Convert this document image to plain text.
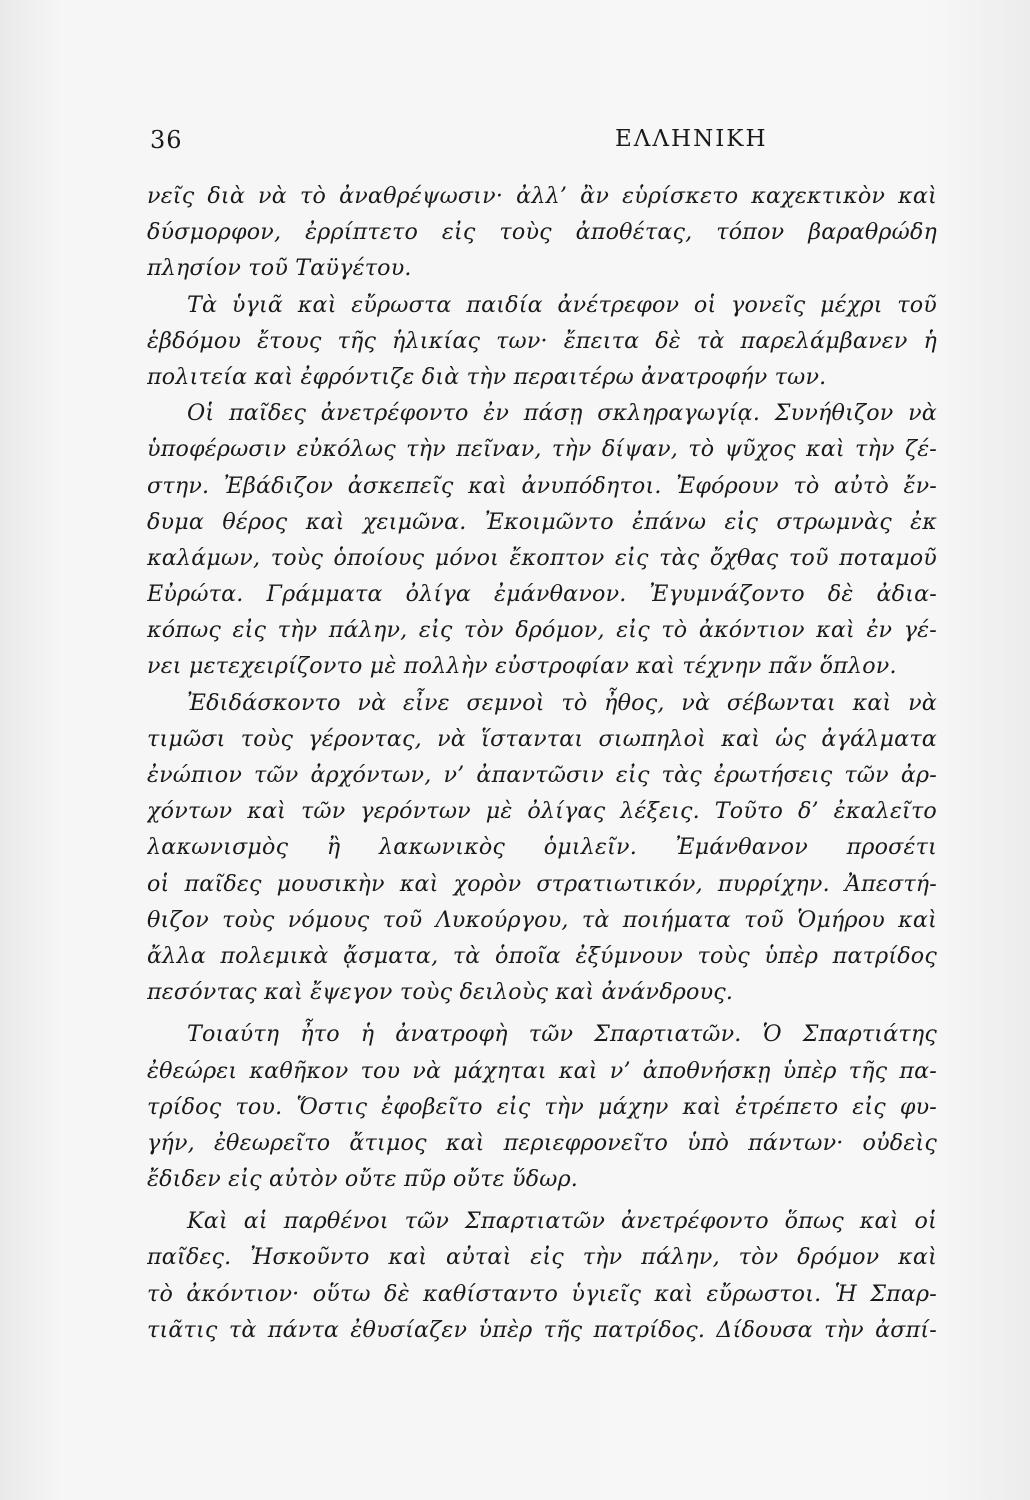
36	ΕΛΛΗΝΙΚΗ
νεῖς διὰ νὰ τὸ ἀναθρέψωσιν· ἀλλ’ ἂν εὑρίσκετο καχεκτικὸν καὶ
δύσμορφον, ἐρρίπτετο εἰς τοὺς ἀποθέτας, τόπον βαραθρώδη
πλησίον τοῦ Ταϋγέτου.
Τὰ ὑγιᾶ καὶ εὔρωστα παιδία ἀνέτρεφον οἱ γονεῖς μέχρι τοῦ
ἑβδόμου ἔτους τῆς ἡλικίας των· ἔπειτα δὲ τὰ παρελάμβανεν ἡ
πολιτεία καὶ ἐφρόντιζε διὰ τὴν περαιτέρω ἀνατροφήν των.
Οἱ παῖδες ἀνετρέφοντο ἐν πάσῃ σκληραγωγίᾳ. Συνήθιζον νὰ
ὑποφέρωσιν εὐκόλως τὴν πεῖναν, τὴν δίψαν, τὸ ψῦχος καὶ τὴν ζέ-
στην. Ἐβάδιζον ἀσκεπεῖς καὶ ἀνυπόδητοι. Ἐφόρουν τὸ αὐτὸ ἔν-
δυμα θέρος καὶ χειμῶνα. Ἐκοιμῶντο ἐπάνω εἰς στρωμνὰς ἐκ
καλάμων, τοὺς ὁποίους μόνοι ἔκοπτον εἰς τὰς ὄχθας τοῦ ποταμοῦ
Εὐρώτα. Γράμματα ὀλίγα ἐμάνθανον. Ἐγυμνάζοντο δὲ ἀδια-
κόπως εἰς τὴν πάλην, εἰς τὸν δρόμον, εἰς τὸ ἀκόντιον καὶ ἐν γέ-
νει μετεχειρίζοντο μὲ πολλὴν εὐστροφίαν καὶ τέχνην πᾶν ὅπλον.
Ἐδιδάσκοντο νὰ εἶνε σεμνοὶ τὸ ἦθος, νὰ σέβωνται καὶ νὰ
τιμῶσι τοὺς γέροντας, νὰ ἵστανται σιωπηλοὶ καὶ ὡς ἀγάλματα
ἐνώπιον τῶν ἀρχόντων, ν’ ἀπαντῶσιν εἰς τὰς ἐρωτήσεις τῶν ἀρ-
χόντων καὶ τῶν γερόντων μὲ ὀλίγας λέξεις. Τοῦτο δ’ ἐκαλεῖτο
λακωνισμὸς ἢ λακωνικὸς ὁμιλεῖν. Ἐμάνθανον προσέτι
οἱ παῖδες μουσικὴν καὶ χορὸν στρατιωτικόν, πυρρίχην. Ἀπεστή-
θιζον τοὺς νόμους τοῦ Λυκούργου, τὰ ποιήματα τοῦ Ὁμήρου καὶ
ἄλλα πολεμικὰ ᾄσματα, τὰ ὁποῖα ἐξύμνουν τοὺς ὑπὲρ πατρίδος
πεσόντας καὶ ἔψεγον τοὺς δειλοὺς καὶ ἀνάνδρους.
Τοιαύτη ἦτο ἡ ἀνατροφὴ τῶν Σπαρτιατῶν. Ὁ Σπαρτιάτης
ἐθεώρει καθῆκον του νὰ μάχηται καὶ ν’ ἀποθνήσκῃ ὑπὲρ τῆς πα-
τρίδος του. Ὅστις ἐφοβεῖτο εἰς τὴν μάχην καὶ ἐτρέπετο εἰς φυ-
γήν, ἐθεωρεῖτο ἄτιμος καὶ περιεφρονεῖτο ὑπὸ πάντων· οὐδεὶς
ἔδιδεν εἰς αὐτὸν οὔτε πῦρ οὔτε ὕδωρ.
Καὶ αἱ παρθένοι τῶν Σπαρτιατῶν ἀνετρέφοντο ὅπως καὶ οἱ
παῖδες. Ἠσκοῦντο καὶ αὐταὶ εἰς τὴν πάλην, τὸν δρόμον καὶ
τὸ ἀκόντιον· οὕτω δὲ καθίσταντο ὑγιεῖς καὶ εὔρωστοι. Ἡ Σπαρ-
τιᾶτις τὰ πάντα ἐθυσίαζεν ὑπὲρ τῆς πατρίδος. Δίδουσα τὴν ἀσπί-
